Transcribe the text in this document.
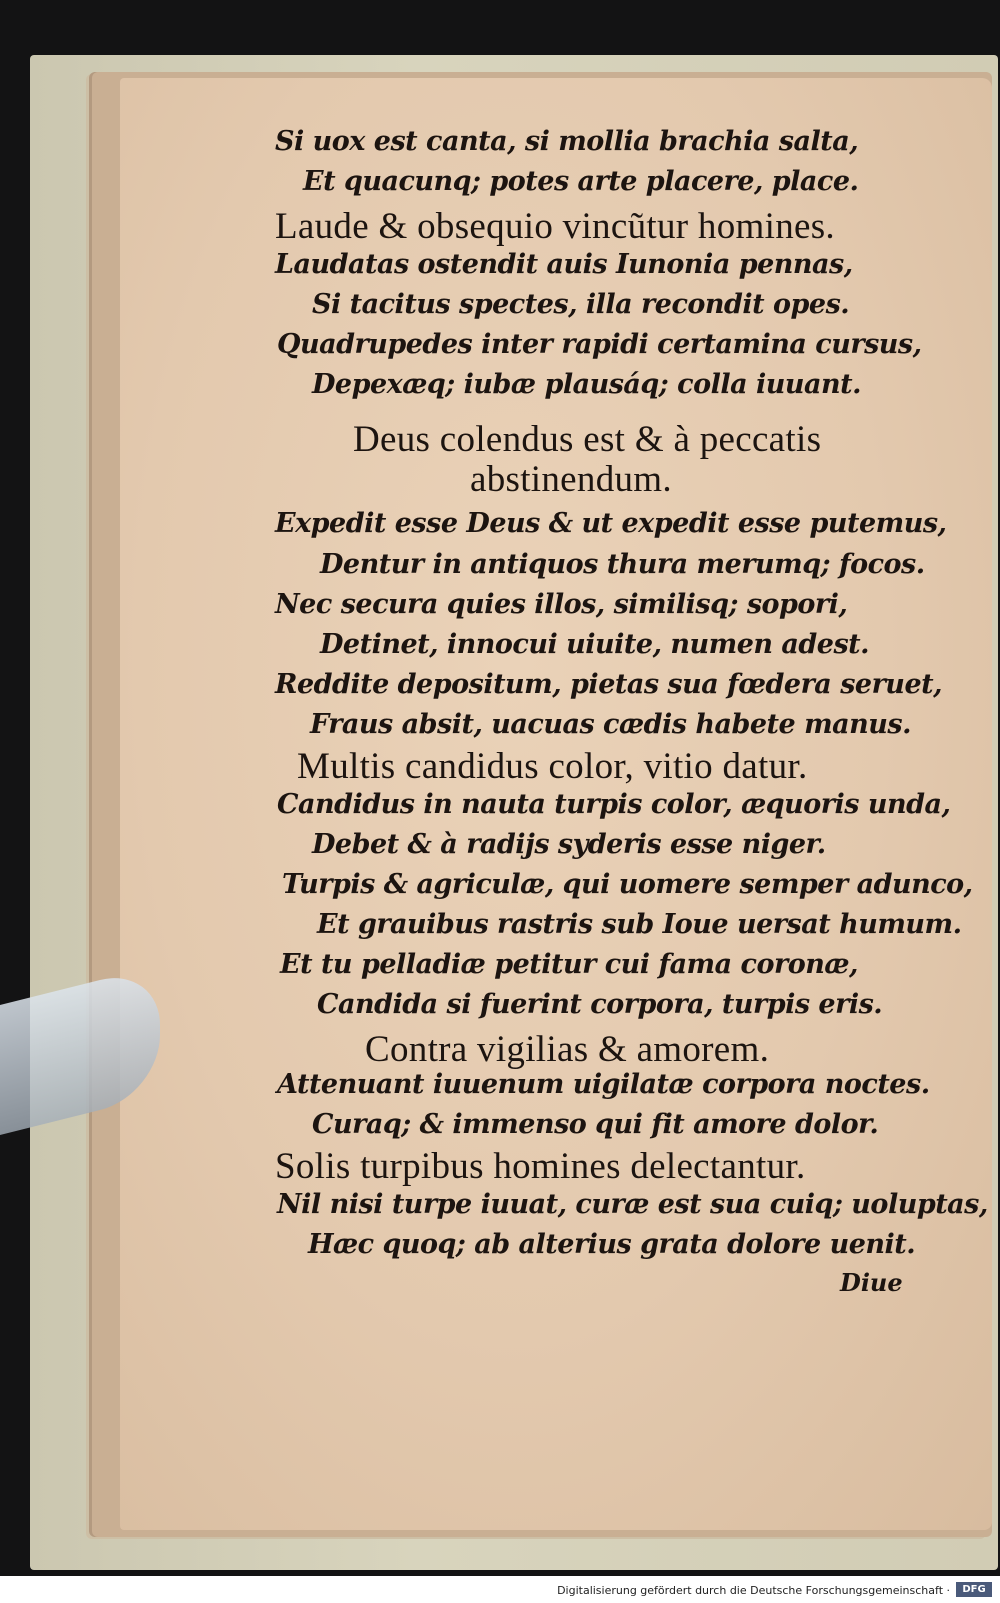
Si uox est canta, si mollia brachia salta,
Et quacunq; potes arte placere, place.
Laude & obsequio vincũtur homines.
Laudatas ostendit auis Iunonia pennas,
Si tacitus spectes, illa recondit opes.
Quadrupedes inter rapidi certamina cursus,
Depexæq; iubæ plausáq; colla iuuant.
Deus colendus est & à peccatis
abstinendum.
Expedit esse Deus & ut expedit esse putemus,
Dentur in antiquos thura merumq; focos.
Nec secura quies illos, similisq; sopori,
Detinet, innocui uiuite, numen adest.
Reddite depositum, pietas sua fœdera seruet,
Fraus absit, uacuas cædis habete manus.
Multis candidus color, vitio datur.
Candidus in nauta turpis color, æquoris unda,
Debet & à radijs syderis esse niger.
Turpis & agriculæ, qui uomere semper adunco,
Et grauibus rastris sub Ioue uersat humum.
Et tu pelladiæ petitur cui fama coronæ,
Candida si fuerint corpora, turpis eris.
Contra vigilias & amorem.
Attenuant iuuenum uigilatæ corpora noctes.
Curaq; & immenso qui fit amore dolor.
Solis turpibus homines delectantur.
Nil nisi turpe iuuat, curæ est sua cuiq; uoluptas,
Hæc quoq; ab alterius grata dolore uenit.
Diue
Digitalisierung gefördert durch die Deutsche Forschungsgemeinschaft ·	DFG
